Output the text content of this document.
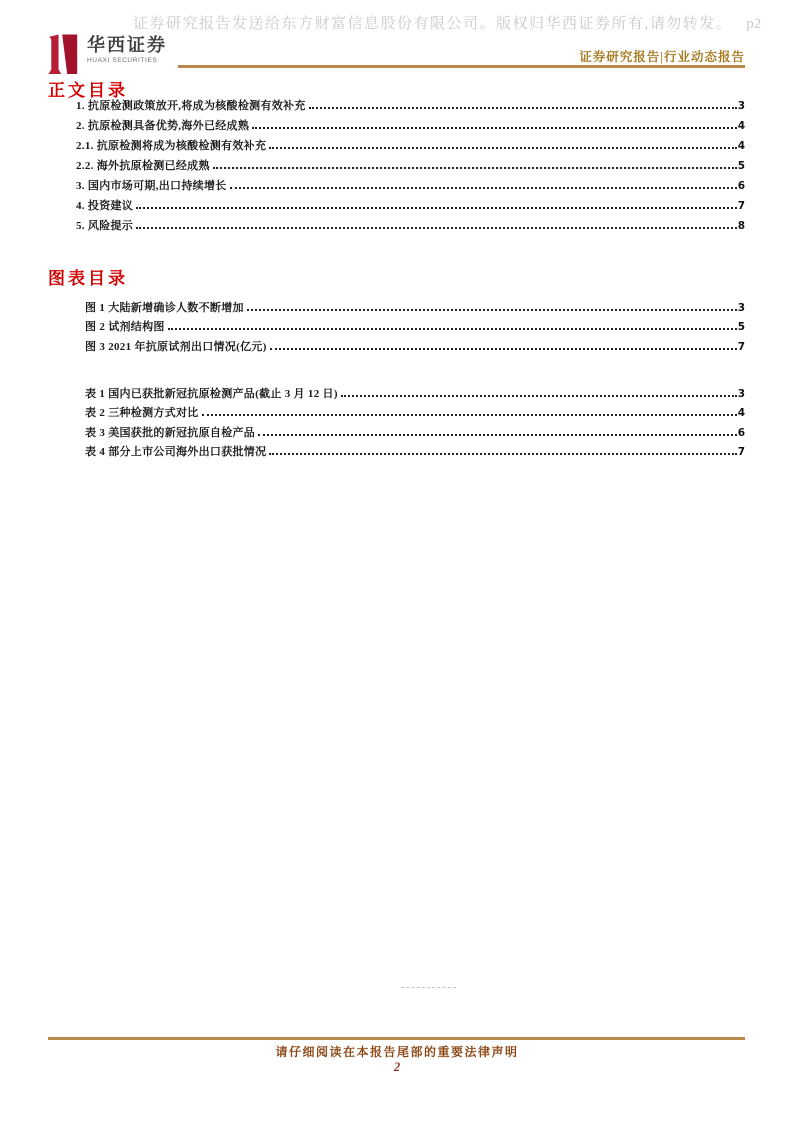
证券研究报告发送给东方财富信息股份有限公司。版权归华西证券所有,请勿转发。 p2
华西证券
HUAXI SECURITIES	证券研究报告|行业动态报告
正文目录
1. 抗原检测政策放开,将成为核酸检测有效补充	3
2. 抗原检测具备优势,海外已经成熟	4
2.1. 抗原检测将成为核酸检测有效补充	4
2.2. 海外抗原检测已经成熟	5
3. 国内市场可期,出口持续增长	6
4. 投资建议	7
5. 风险提示	8
图表目录
图 1 大陆新增确诊人数不断增加	3
图 2 试剂结构图	5
图 3 2021 年抗原试剂出口情况(亿元)	7
表 1 国内已获批新冠抗原检测产品(截止 3 月 12 日)	3
表 2 三种检测方式对比	4
表 3 美国获批的新冠抗原自检产品	6
表 4 部分上市公司海外出口获批情况	7
请仔细阅读在本报告尾部的重要法律声明
2
